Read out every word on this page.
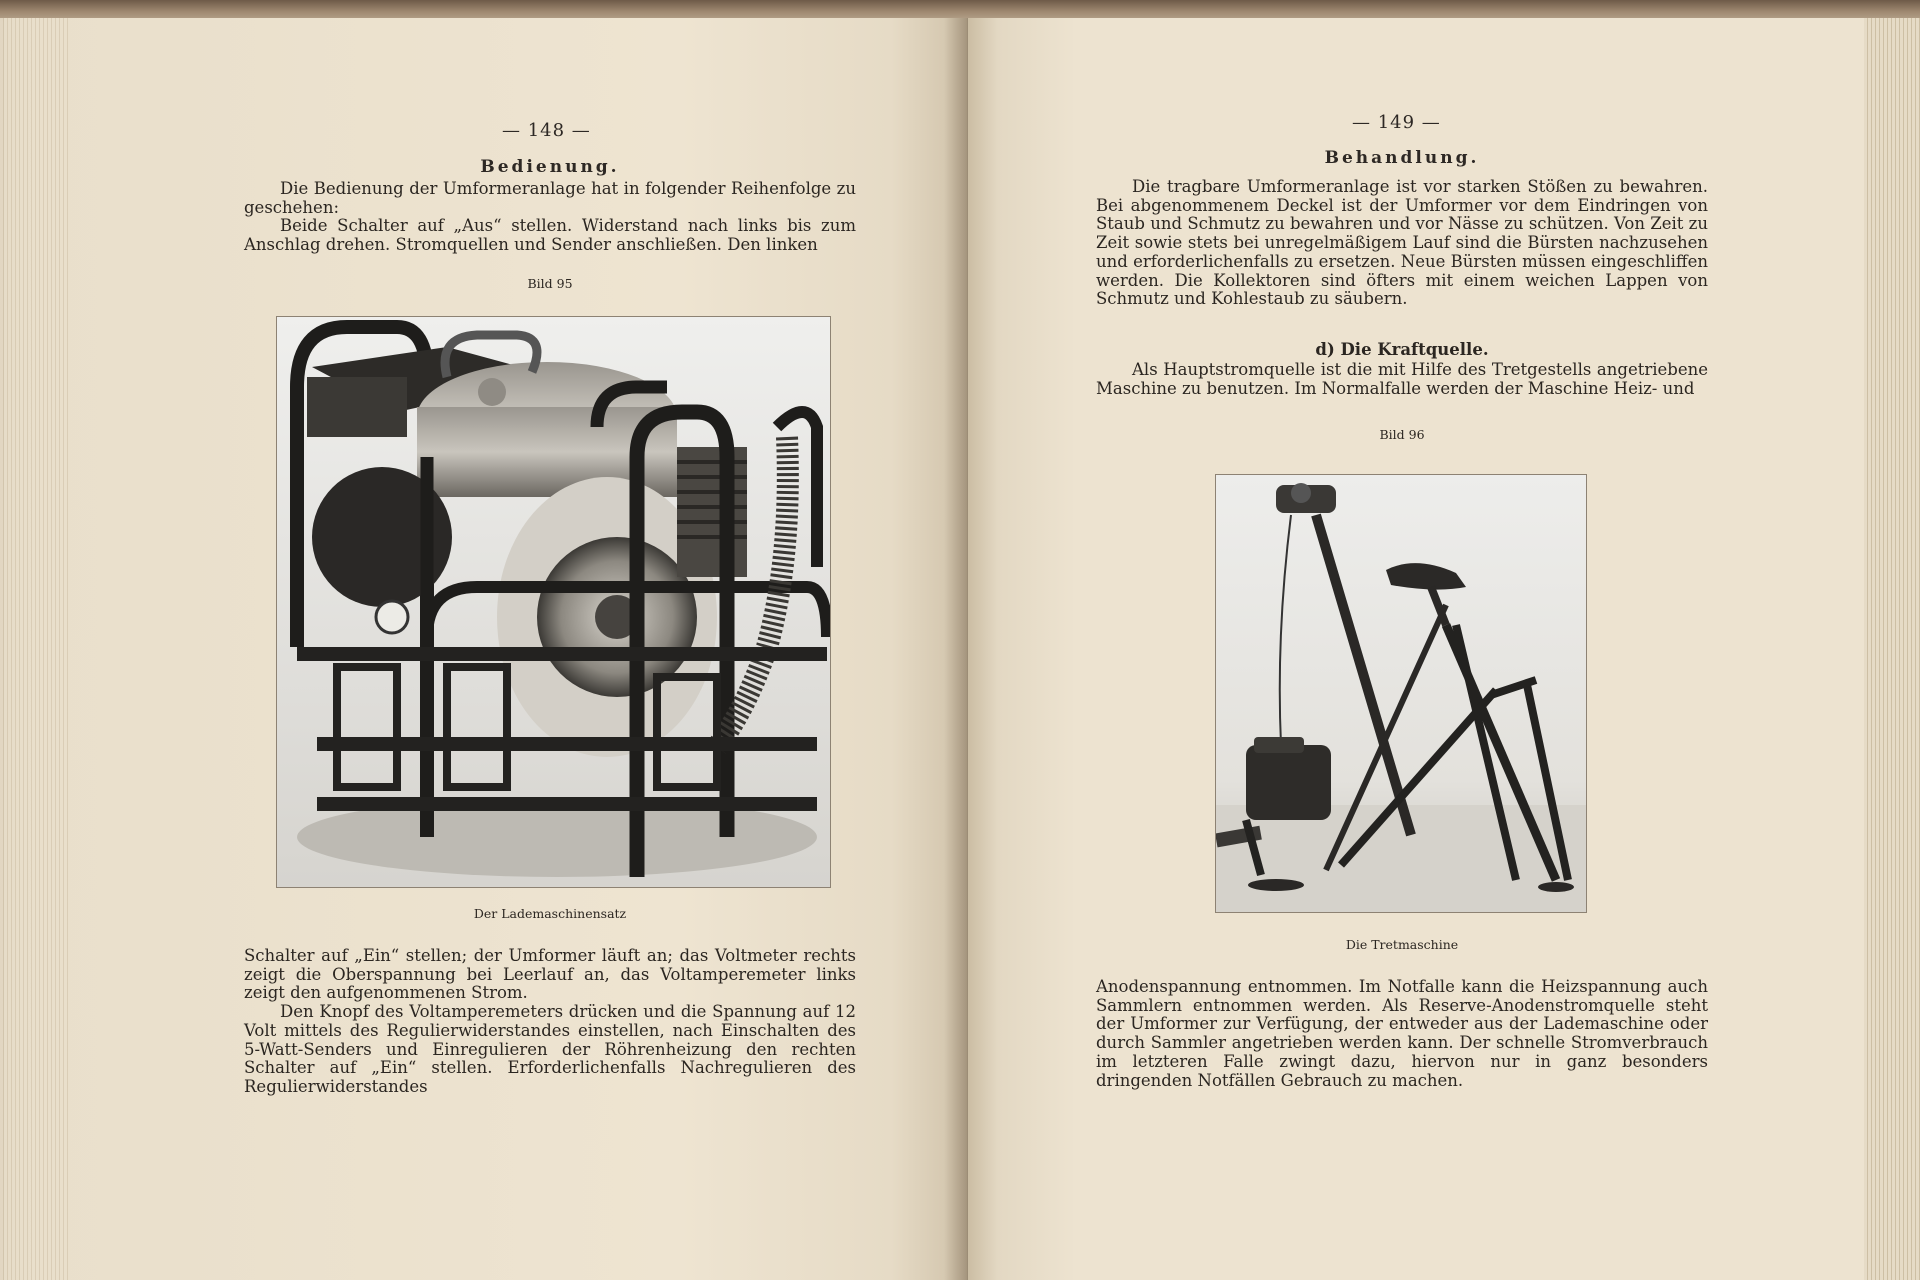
— 148 —
Bedienung.

Die Bedienung der Umformeranlage hat in folgender Reihenfolge zu geschehen:

Beide Schalter auf „Aus“ stellen. Widerstand nach links bis zum Anschlag drehen. Stromquellen und Sender anschließen. Den linken

Bild 95
Der Lademaschinensatz

Schalter auf „Ein“ stellen; der Umformer läuft an; das Voltmeter rechts zeigt die Oberspannung bei Leerlauf an, das Voltamperemeter links zeigt den aufgenommenen Strom.

Den Knopf des Voltamperemeters drücken und die Spannung auf 12 Volt mittels des Regulierwiderstandes einstellen, nach Einschalten des 5-Watt-Senders und Einregulieren der Röhrenheizung den rechten Schalter auf „Ein“ stellen. Erforderlichenfalls Nachregulieren des Regulierwiderstandes

— 149 —
Behandlung.

Die tragbare Umformeranlage ist vor starken Stößen zu bewahren. Bei abgenommenem Deckel ist der Umformer vor dem Eindringen von Staub und Schmutz zu bewahren und vor Nässe zu schützen. Von Zeit zu Zeit sowie stets bei unregelmäßigem Lauf sind die Bürsten nachzusehen und erforderlichenfalls zu ersetzen. Neue Bürsten müssen eingeschliffen werden. Die Kollektoren sind öfters mit einem weichen Lappen von Schmutz und Kohlestaub zu säubern.

d) Die Kraftquelle.

Als Hauptstromquelle ist die mit Hilfe des Tretgestells angetriebene Maschine zu benutzen. Im Normalfalle werden der Maschine Heiz- und

Bild 96
Die Tretmaschine

Anodenspannung entnommen. Im Notfalle kann die Heizspannung auch Sammlern entnommen werden. Als Reserve-Anodenstromquelle steht der Umformer zur Verfügung, der entweder aus der Lademaschine oder durch Sammler angetrieben werden kann. Der schnelle Stromverbrauch im letzteren Falle zwingt dazu, hiervon nur in ganz besonders dringenden Notfällen Gebrauch zu machen.
